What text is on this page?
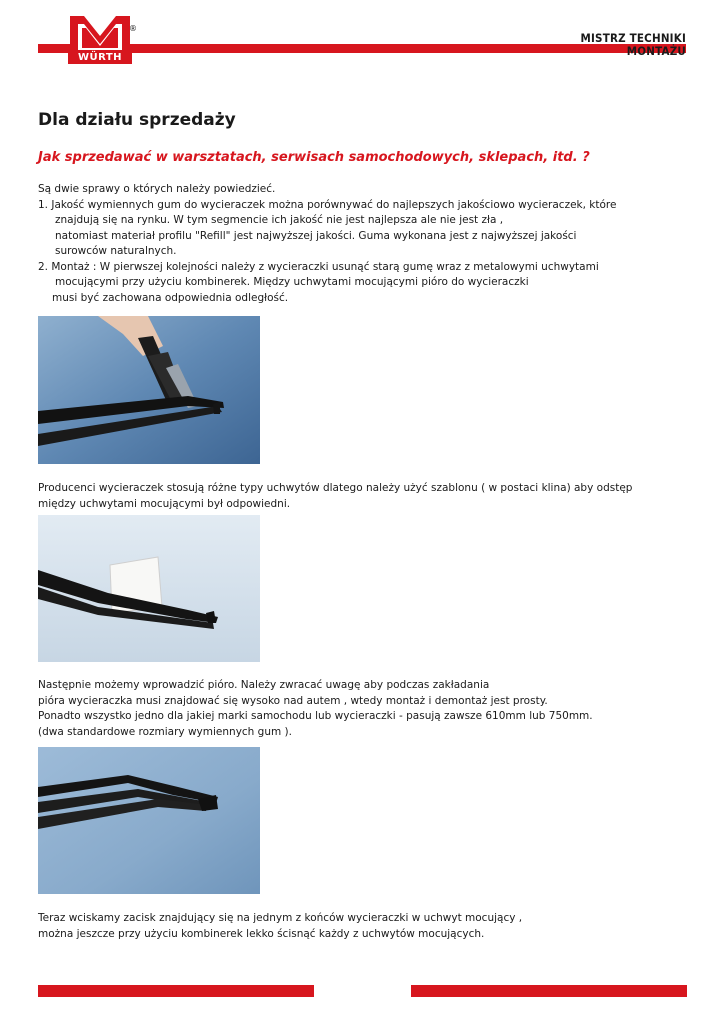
®
WÜRTH
MISTRZ TECHNIKI
MONTAŻU
Dla działu sprzedaży
Jak sprzedawać w warsztatach, serwisach samochodowych, sklepach, itd. ?

Są dwie sprawy o których należy powiedzieć.

1. Jakość wymiennych gum do wycieraczek można porównywać do najlepszych jakościowo wycieraczek, które

znajdują się na rynku. W tym segmencie ich jakość nie jest najlepsza ale nie jest zła ,

natomiast materiał profilu "Refill" jest najwyższej jakości. Guma wykonana jest z najwyższej jakości

surowców naturalnych.

2. Montaż : W pierwszej kolejności należy z wycieraczki usunąć starą gumę wraz z metalowymi uchwytami

mocującymi przy użyciu kombinerek. Między uchwytami mocującymi pióro do wycieraczki

musi być zachowana odpowiednia odległość.

Producenci wycieraczek stosują różne typy uchwytów dlatego należy użyć szablonu ( w postaci klina) aby odstęp

między uchwytami mocującymi był odpowiedni.

Następnie możemy wprowadzić pióro. Należy zwracać uwagę aby podczas zakładania

pióra wycieraczka musi znajdować się wysoko nad autem , wtedy montaż i demontaż jest prosty.

Ponadto wszystko jedno dla jakiej marki samochodu lub wycieraczki - pasują zawsze 610mm lub 750mm.

(dwa standardowe rozmiary wymiennych gum ).

Teraz wciskamy zacisk znajdujący się na jednym z końców wycieraczki w uchwyt mocujący ,

można jeszcze przy użyciu kombinerek lekko ścisnąć każdy z uchwytów mocujących.
